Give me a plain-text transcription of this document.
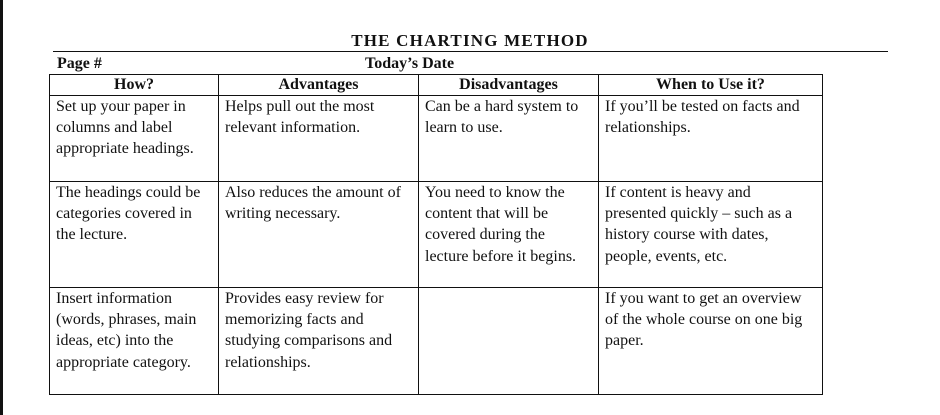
THE CHARTING METHOD
Page #	Today’s Date
How?	Advantages	Disadvantages	When to Use it?
Set up your paper in columns and label appropriate headings.	Helps pull out the most relevant information.	Can be a hard system to learn to use.	If you’ll be tested on facts and relationships.
The headings could be categories covered in the lecture.	Also reduces the amount of writing necessary.	You need to know the content that will be covered during the lecture before it begins.	If content is heavy and presented quickly – such as a history course with dates, people, events, etc.
Insert information (words, phrases, main ideas, etc) into the appropriate category.	Provides easy review for memorizing facts and studying comparisons and relationships.		If you want to get an overview of the whole course on one big paper.
